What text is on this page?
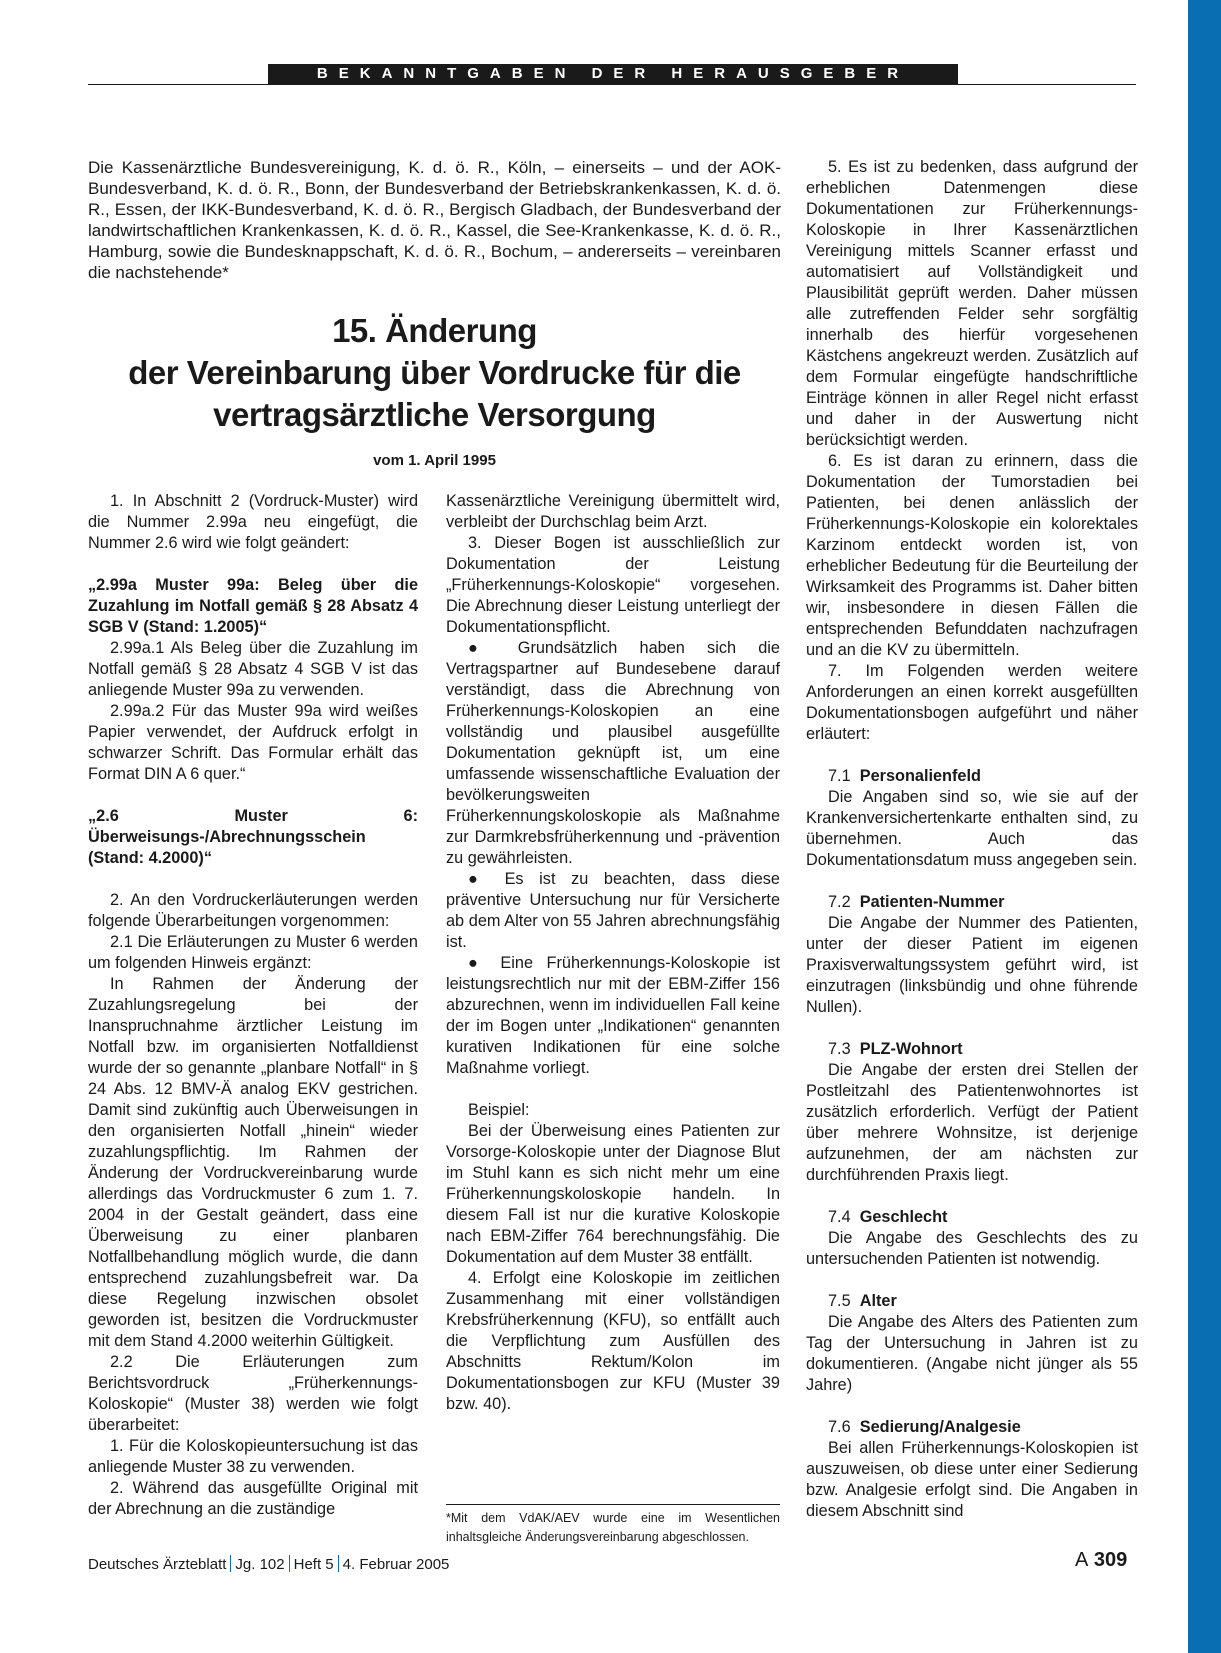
BEKANNTGABEN DER HERAUSGEBER

Die Kassenärztliche Bundesvereinigung, K. d. ö. R., Köln, – einerseits – und der AOK-Bundesverband, K. d. ö. R., Bonn, der Bundesverband der Betriebskrankenkassen, K. d. ö. R., Essen, der IKK-Bundesverband, K. d. ö. R., Bergisch Gladbach, der Bundesverband der landwirtschaftlichen Krankenkassen, K. d. ö. R., Kassel, die See-Krankenkasse, K. d. ö. R., Hamburg, sowie die Bundesknappschaft, K. d. ö. R., Bochum, – andererseits – vereinbaren die nachstehende*

15. Änderung
der Vereinbarung über Vordrucke für die
vertragsärztliche Versorgung

vom 1. April 1995

1. In Abschnitt 2 (Vordruck-Muster) wird die Nummer 2.99a neu eingefügt, die Nummer 2.6 wird wie folgt geändert:

„2.99a Muster 99a: Beleg über die Zuzahlung im Notfall gemäß § 28 Absatz 4 SGB V (Stand: 1.2005)“

2.99a.1 Als Beleg über die Zuzahlung im Notfall gemäß § 28 Absatz 4 SGB V ist das anliegende Muster 99a zu verwenden.

2.99a.2 Für das Muster 99a wird weißes Papier verwendet, der Aufdruck erfolgt in schwarzer Schrift. Das Formular erhält das Format DIN A 6 quer.“

„2.6 Muster 6: Überweisungs-/Abrechnungsschein (Stand: 4.2000)“

2. An den Vordruckerläuterungen werden folgende Überarbeitungen vorgenommen:

2.1 Die Erläuterungen zu Muster 6 werden um folgenden Hinweis ergänzt:

In Rahmen der Änderung der Zuzahlungsregelung bei der Inanspruchnahme ärztlicher Leistung im Notfall bzw. im organisierten Notfalldienst wurde der so genannte „planbare Notfall“ in § 24 Abs. 12 BMV-Ä analog EKV gestrichen. Damit sind zukünftig auch Überweisungen in den organisierten Notfall „hinein“ wieder zuzahlungspflichtig. Im Rahmen der Änderung der Vordruckvereinbarung wurde allerdings das Vordruckmuster 6 zum 1. 7. 2004 in der Gestalt geändert, dass eine Überweisung zu einer planbaren Notfallbehandlung möglich wurde, die dann entsprechend zuzahlungsbefreit war. Da diese Regelung inzwischen obsolet geworden ist, besitzen die Vordruckmuster mit dem Stand 4.2000 weiterhin Gültigkeit.

2.2 Die Erläuterungen zum Berichtsvordruck „Früherkennungs-Koloskopie“ (Muster 38) werden wie folgt überarbeitet:

1. Für die Koloskopieuntersuchung ist das anliegende Muster 38 zu verwenden.

2. Während das ausgefüllte Original mit der Abrechnung an die zuständige

Kassenärztliche Vereinigung übermittelt wird, verbleibt der Durchschlag beim Arzt.

3. Dieser Bogen ist ausschließlich zur Dokumentation der Leistung „Früherkennungs-Koloskopie“ vorgesehen. Die Abrechnung dieser Leistung unterliegt der Dokumentationspflicht.

● Grundsätzlich haben sich die Vertragspartner auf Bundesebene darauf verständigt, dass die Abrechnung von Früherkennungs-Koloskopien an eine vollständig und plausibel ausgefüllte Dokumentation geknüpft ist, um eine umfassende wissenschaftliche Evaluation der bevölkerungsweiten Früherkennungskoloskopie als Maßnahme zur Darmkrebsfrüherkennung und -prävention zu gewährleisten.

● Es ist zu beachten, dass diese präventive Untersuchung nur für Versicherte ab dem Alter von 55 Jahren abrechnungsfähig ist.

● Eine Früherkennungs-Koloskopie ist leistungsrechtlich nur mit der EBM-Ziffer 156 abzurechnen, wenn im individuellen Fall keine der im Bogen unter „Indikationen“ genannten kurativen Indikationen für eine solche Maßnahme vorliegt.

Beispiel:

Bei der Überweisung eines Patienten zur Vorsorge-Koloskopie unter der Diagnose Blut im Stuhl kann es sich nicht mehr um eine Früherkennungskoloskopie handeln. In diesem Fall ist nur die kurative Koloskopie nach EBM-Ziffer 764 berechnungsfähig. Die Dokumentation auf dem Muster 38 entfällt.

4. Erfolgt eine Koloskopie im zeitlichen Zusammenhang mit einer vollständigen Krebsfrüherkennung (KFU), so entfällt auch die Verpflichtung zum Ausfüllen des Abschnitts Rektum/Kolon im Dokumentationsbogen zur KFU (Muster 39 bzw. 40).

*Mit dem VdAK/AEV wurde eine im Wesentlichen inhaltsgleiche Änderungsvereinbarung abgeschlossen.

5. Es ist zu bedenken, dass aufgrund der erheblichen Datenmengen diese Dokumentationen zur Früherkennungs-Koloskopie in Ihrer Kassenärztlichen Vereinigung mittels Scanner erfasst und automatisiert auf Vollständigkeit und Plausibilität geprüft werden. Daher müssen alle zutreffenden Felder sehr sorgfältig innerhalb des hierfür vorgesehenen Kästchens angekreuzt werden. Zusätzlich auf dem Formular eingefügte handschriftliche Einträge können in aller Regel nicht erfasst und daher in der Auswertung nicht berücksichtigt werden.

6. Es ist daran zu erinnern, dass die Dokumentation der Tumorstadien bei Patienten, bei denen anlässlich der Früherkennungs-Koloskopie ein kolorektales Karzinom entdeckt worden ist, von erheblicher Bedeutung für die Beurteilung der Wirksamkeit des Programms ist. Daher bitten wir, insbesondere in diesen Fällen die entsprechenden Befunddaten nachzufragen und an die KV zu übermitteln.

7. Im Folgenden werden weitere Anforderungen an einen korrekt ausgefüllten Dokumentationsbogen aufgeführt und näher erläutert:

7.1 Personalienfeld

Die Angaben sind so, wie sie auf der Krankenversichertenkarte enthalten sind, zu übernehmen. Auch das Dokumentationsdatum muss angegeben sein.

7.2 Patienten-Nummer

Die Angabe der Nummer des Patienten, unter der dieser Patient im eigenen Praxisverwaltungssystem geführt wird, ist einzutragen (linksbündig und ohne führende Nullen).

7.3 PLZ-Wohnort

Die Angabe der ersten drei Stellen der Postleitzahl des Patientenwohnortes ist zusätzlich erforderlich. Verfügt der Patient über mehrere Wohnsitze, ist derjenige aufzunehmen, der am nächsten zur durchführenden Praxis liegt.

7.4 Geschlecht

Die Angabe des Geschlechts des zu untersuchenden Patienten ist notwendig.

7.5 Alter

Die Angabe des Alters des Patienten zum Tag der Untersuchung in Jahren ist zu dokumentieren. (Angabe nicht jünger als 55 Jahre)

7.6 Sedierung/Analgesie

Bei allen Früherkennungs-Koloskopien ist auszuweisen, ob diese unter einer Sedierung bzw. Analgesie erfolgt sind. Die Angaben in diesem Abschnitt sind

Deutsches Ärzteblatt Jg. 102 Heft 5 4. Februar 2005	A 309
